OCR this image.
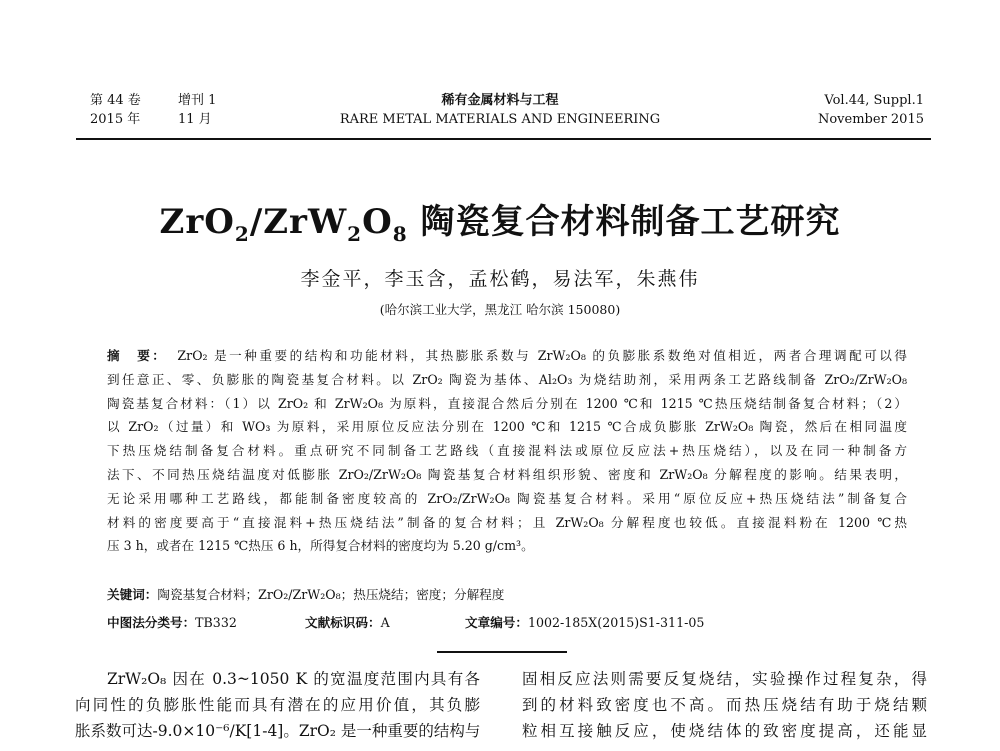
第 44 卷
2015 年
增刊 1
11 月
稀有金属材料与工程
RARE METAL MATERIALS AND ENGINEERING
Vol.44, Suppl.1
November 2015
$ZrO_2/ZrW_2O_8$ 陶瓷复合材料制备工艺研究
李金平，李玉含，孟松鹤，易法军，朱燕伟
(哈尔滨工业大学，黑龙江 哈尔滨 150080)
摘　要： ZrO₂ 是一种重要的结构和功能材料，其热膨胀系数与 ZrW₂O₈ 的负膨胀系数绝对值相近，两者合理调配可以得
到任意正、零、负膨胀的陶瓷基复合材料。以 ZrO₂ 陶瓷为基体、Al₂O₃ 为烧结助剂，采用两条工艺路线制备 ZrO₂/ZrW₂O₈
陶瓷基复合材料：（1）以 ZrO₂ 和 ZrW₂O₈ 为原料，直接混合然后分别在 1200 ℃和 1215 ℃热压烧结制备复合材料；（2）
以 ZrO₂（过量）和 WO₃ 为原料，采用原位反应法分别在 1200 ℃和 1215 ℃合成负膨胀 ZrW₂O₈ 陶瓷，然后在相同温度
下热压烧结制备复合材料。重点研究不同制备工艺路线（直接混料法或原位反应法+热压烧结），以及在同一种制备方
法下、不同热压烧结温度对低膨胀 ZrO₂/ZrW₂O₈ 陶瓷基复合材料组织形貌、密度和 ZrW₂O₈ 分解程度的影响。结果表明，
无论采用哪种工艺路线，都能制备密度较高的 ZrO₂/ZrW₂O₈ 陶瓷基复合材料。采用“原位反应+热压烧结法”制备复合
材料的密度要高于“直接混料+热压烧结法”制备的复合材料；且 ZrW₂O₈ 分解程度也较低。直接混料粉在 1200 ℃热
压 3 h，或者在 1215 ℃热压 6 h，所得复合材料的密度均为 5.20 g/cm³。
关键词：陶瓷基复合材料；ZrO₂/ZrW₂O₈；热压烧结；密度；分解程度
中图法分类号：TB332	文献标识码：A	文章编号：1002-185X(2015)S1-311-05
ZrW₂O₈ 因在 0.3~1050 K 的宽温度范围内具有各
向同性的负膨胀性能而具有潜在的应用价值，其负膨
胀系数可达-9.0×10⁻⁶/K[1-4]。ZrO₂ 是一种重要的结构与
固相反应法则需要反复烧结，实验操作过程复杂，得
到的材料致密度也不高。而热压烧结有助于烧结颗
粒相互接触反应，使烧结体的致密度提高，还能显
